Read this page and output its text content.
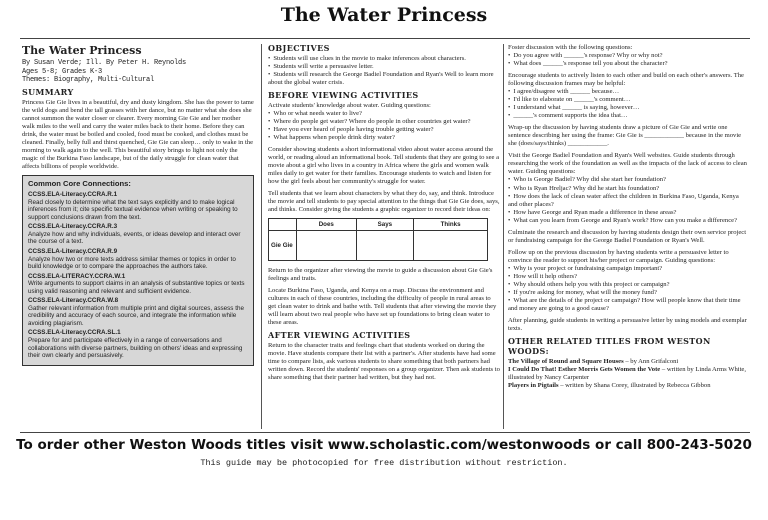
The Water Princess
The Water Princess
By Susan Verde; Ill. By Peter H. Reynolds
Ages 5-8; Grades K-3
Themes: Biography, Multi-Cultural
SUMMARY

Princess Gie Gie lives in a beautiful, dry and dusty kingdom. She has the power to tame the wild dogs and bend the tall grasses with her dance, but no matter what she does she cannot summon the water closer or clearer. Every morning Gie Gie and her mother walk miles to the well and carry the water miles back to their home. Before they can drink, the water must be boiled and cooled, food must be cooked, and clothes must be cleaned. Finally, belly full and thirst quenched, Gie Gie can sleep… only to wake in the morning to walk again to the well. This beautiful story brings to light not only the magic of the Burkina Faso landscape, but of the daily struggle for clean water that affects billions of people worldwide.

Common Core Connections:
CCSS.ELA-Literacy.CCRA.R.1
Read closely to determine what the text says explicitly and to make logical inferences from it; cite specific textual evidence when writing or speaking to support conclusions drawn from the text.
CCSS.ELA-Literacy.CCRA.R.3
Analyze how and why individuals, events, or ideas develop and interact over the course of a text.
CCSS.ELA-Literacy.CCRA.R.9
Analyze how two or more texts address similar themes or topics in order to build knowledge or to compare the approaches the authors take.
CCSS.ELA-LITERACY.CCRA.W.1
Write arguments to support claims in an analysis of substantive topics or texts using valid reasoning and relevant and sufficient evidence.
CCSS.ELA-Literacy.CCRA.W.8
Gather relevant information from multiple print and digital sources, assess the credibility and accuracy of each source, and integrate the information while avoiding plagiarism.
CCSS.ELA-Literacy.CCRA.SL.1
Prepare for and participate effectively in a range of conversations and collaborations with diverse partners, building on others' ideas and expressing their own clearly and persuasively.
OBJECTIVES
• Students will use clues in the movie to make inferences about characters.
• Students will write a persuasive letter.
• Students will research the George Badiel Foundation and Ryan's Well to learn more about the global water crisis.
BEFORE VIEWING ACTIVITIES
Activate students' knowledge about water. Guiding questions:
• Who or what needs water to live?
• Where do people get water? Where do people in other countries get water?
• Have you ever heard of people having trouble getting water?
• What happens when people drink dirty water?

Consider showing students a short informational video about water access around the world, or reading aloud an informational book. Tell students that they are going to see a movie about a girl who lives in a country in Africa where the girls and women walk miles daily to get water for their families. Encourage students to watch and listen for how the girl feels about her community's struggle for water.

Tell students that we learn about characters by what they do, say, and think. Introduce the movie and tell students to pay special attention to the things that Gie Gie does, says, and thinks. Consider giving the students a graphic organizer to record their ideas on:

	Does	Says	Thinks
Gie Gie			

Return to the organizer after viewing the movie to guide a discussion about Gie Gie's feelings and traits.

Locate Burkina Faso, Uganda, and Kenya on a map. Discuss the environment and cultures in each of these countries, including the difficulty of people in rural areas to get clean water to drink and bathe with. Tell students that after viewing the movie they will learn about two real people who have set up foundations to bring clean water to these areas.

AFTER VIEWING ACTIVITIES

Return to the character traits and feelings chart that students worked on during the movie. Have students compare their list with a partner's. After students have had some time to compare lists, ask various students to share something that both partners had written down. Record the students' responses on a group organizer. Then ask students to share something that their partner had written, but they had not.

Foster discussion with the following questions:
• Do you agree with ______'s response? Why or why not?
• What does ______'s response tell you about the character?
Encourage students to actively listen to each other and build on each other's answers. The following discussion frames may be helpful:
• I agree/disagree with ______ because…
• I'd like to elaborate on ______'s comment…
• I understand what ______ is saying, however…
• ______'s comment supports the idea that…

Wrap-up the discussion by having students draw a picture of Gie Gie and write one sentence describing her using the frame: Gie Gie is ____________ because in the movie she (does/says/thinks) ____________.

Visit the George Badiel Foundation and Ryan's Well websites. Guide students through researching the work of the foundation as well as the impacts of the lack of access to clean water. Guiding questions:
• Who is George Badiel? Why did she start her foundation?
• Who is Ryan Hreljac? Why did he start his foundation?
• How does the lack of clean water affect the children in Burkina Faso, Uganda, Kenya and other places?
• How have George and Ryan made a difference in these areas?
• What can you learn from George and Ryan's work? How can you make a difference?

Culminate the research and discussion by having students design their own service project or fundraising campaign for the George Badiel Foundation or Ryan's Well.

Follow up on the previous discussion by having students write a persuasive letter to convince the reader to support his/her project or campaign. Guiding questions:
• Why is your project or fundraising campaign important?
• How will it help others?
• Why should others help you with this project or campaign?
• If you're asking for money, what will the money fund?
• What are the details of the project or campaign? How will people know that their time and money are going to a good cause?

After planning, guide students in writing a persuasive letter by using models and exemplar texts.

OTHER RELATED TITLES FROM WESTON WOODS:
The Village of Round and Square Houses – by Ann Grifalconi
I Could Do That! Esther Morris Gets Women the Vote – written by Linda Arms White, illustrated by Nancy Carpenter
Players in Pigtails – written by Shana Corey, illustrated by Rebecca Gibbon
To order other Weston Woods titles visit www.scholastic.com/westonwoods or call 800-243-5020
This guide may be photocopied for free distribution without restriction.
